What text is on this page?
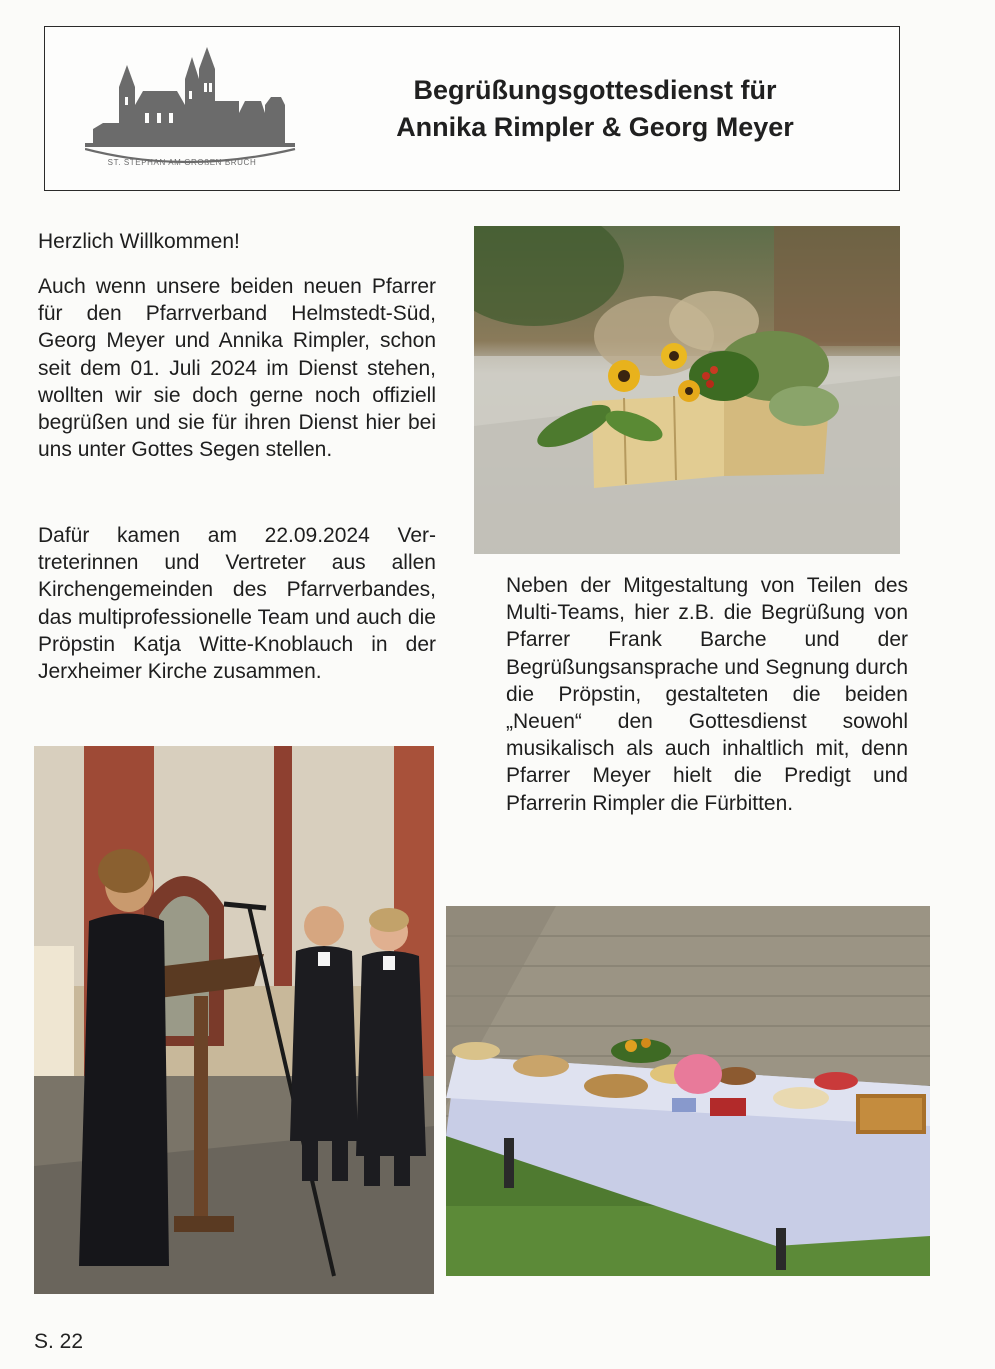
ST. STEPHAN AM GROßEN BRUCH
Begrüßungsgottesdienst für
Annika Rimpler & Georg Meyer

Herzlich Willkommen!

Auch wenn unsere beiden neuen Pfarrer für den Pfarrverband Helmstedt-Süd, Georg Meyer und Annika Rimpler, schon seit dem 01. Juli 2024 im Dienst stehen, wollten wir sie doch gerne noch offiziell begrüßen und sie für ihren Dienst hier bei uns unter Gottes Segen stellen.

Dafür kamen am 22.09.2024 Vertreterinnen und Vertreter aus allen Kirchengemeinden des Pfarrverbandes, das multiprofessionelle Team und auch die Pröpstin Katja Witte-Knoblauch in der Jerxheimer Kirche zusammen.

Neben der Mitgestaltung von Teilen des Multi-Teams, hier z.B. die Begrüßung von Pfarrer Frank Barche und der Begrüßungsansprache und Segnung durch die Pröpstin, gestalteten die beiden „Neuen“ den Gottesdienst sowohl musikalisch als auch inhaltlich mit, denn Pfarrer Meyer hielt die Predigt und Pfarrerin Rimpler die Fürbitten.

S. 22
